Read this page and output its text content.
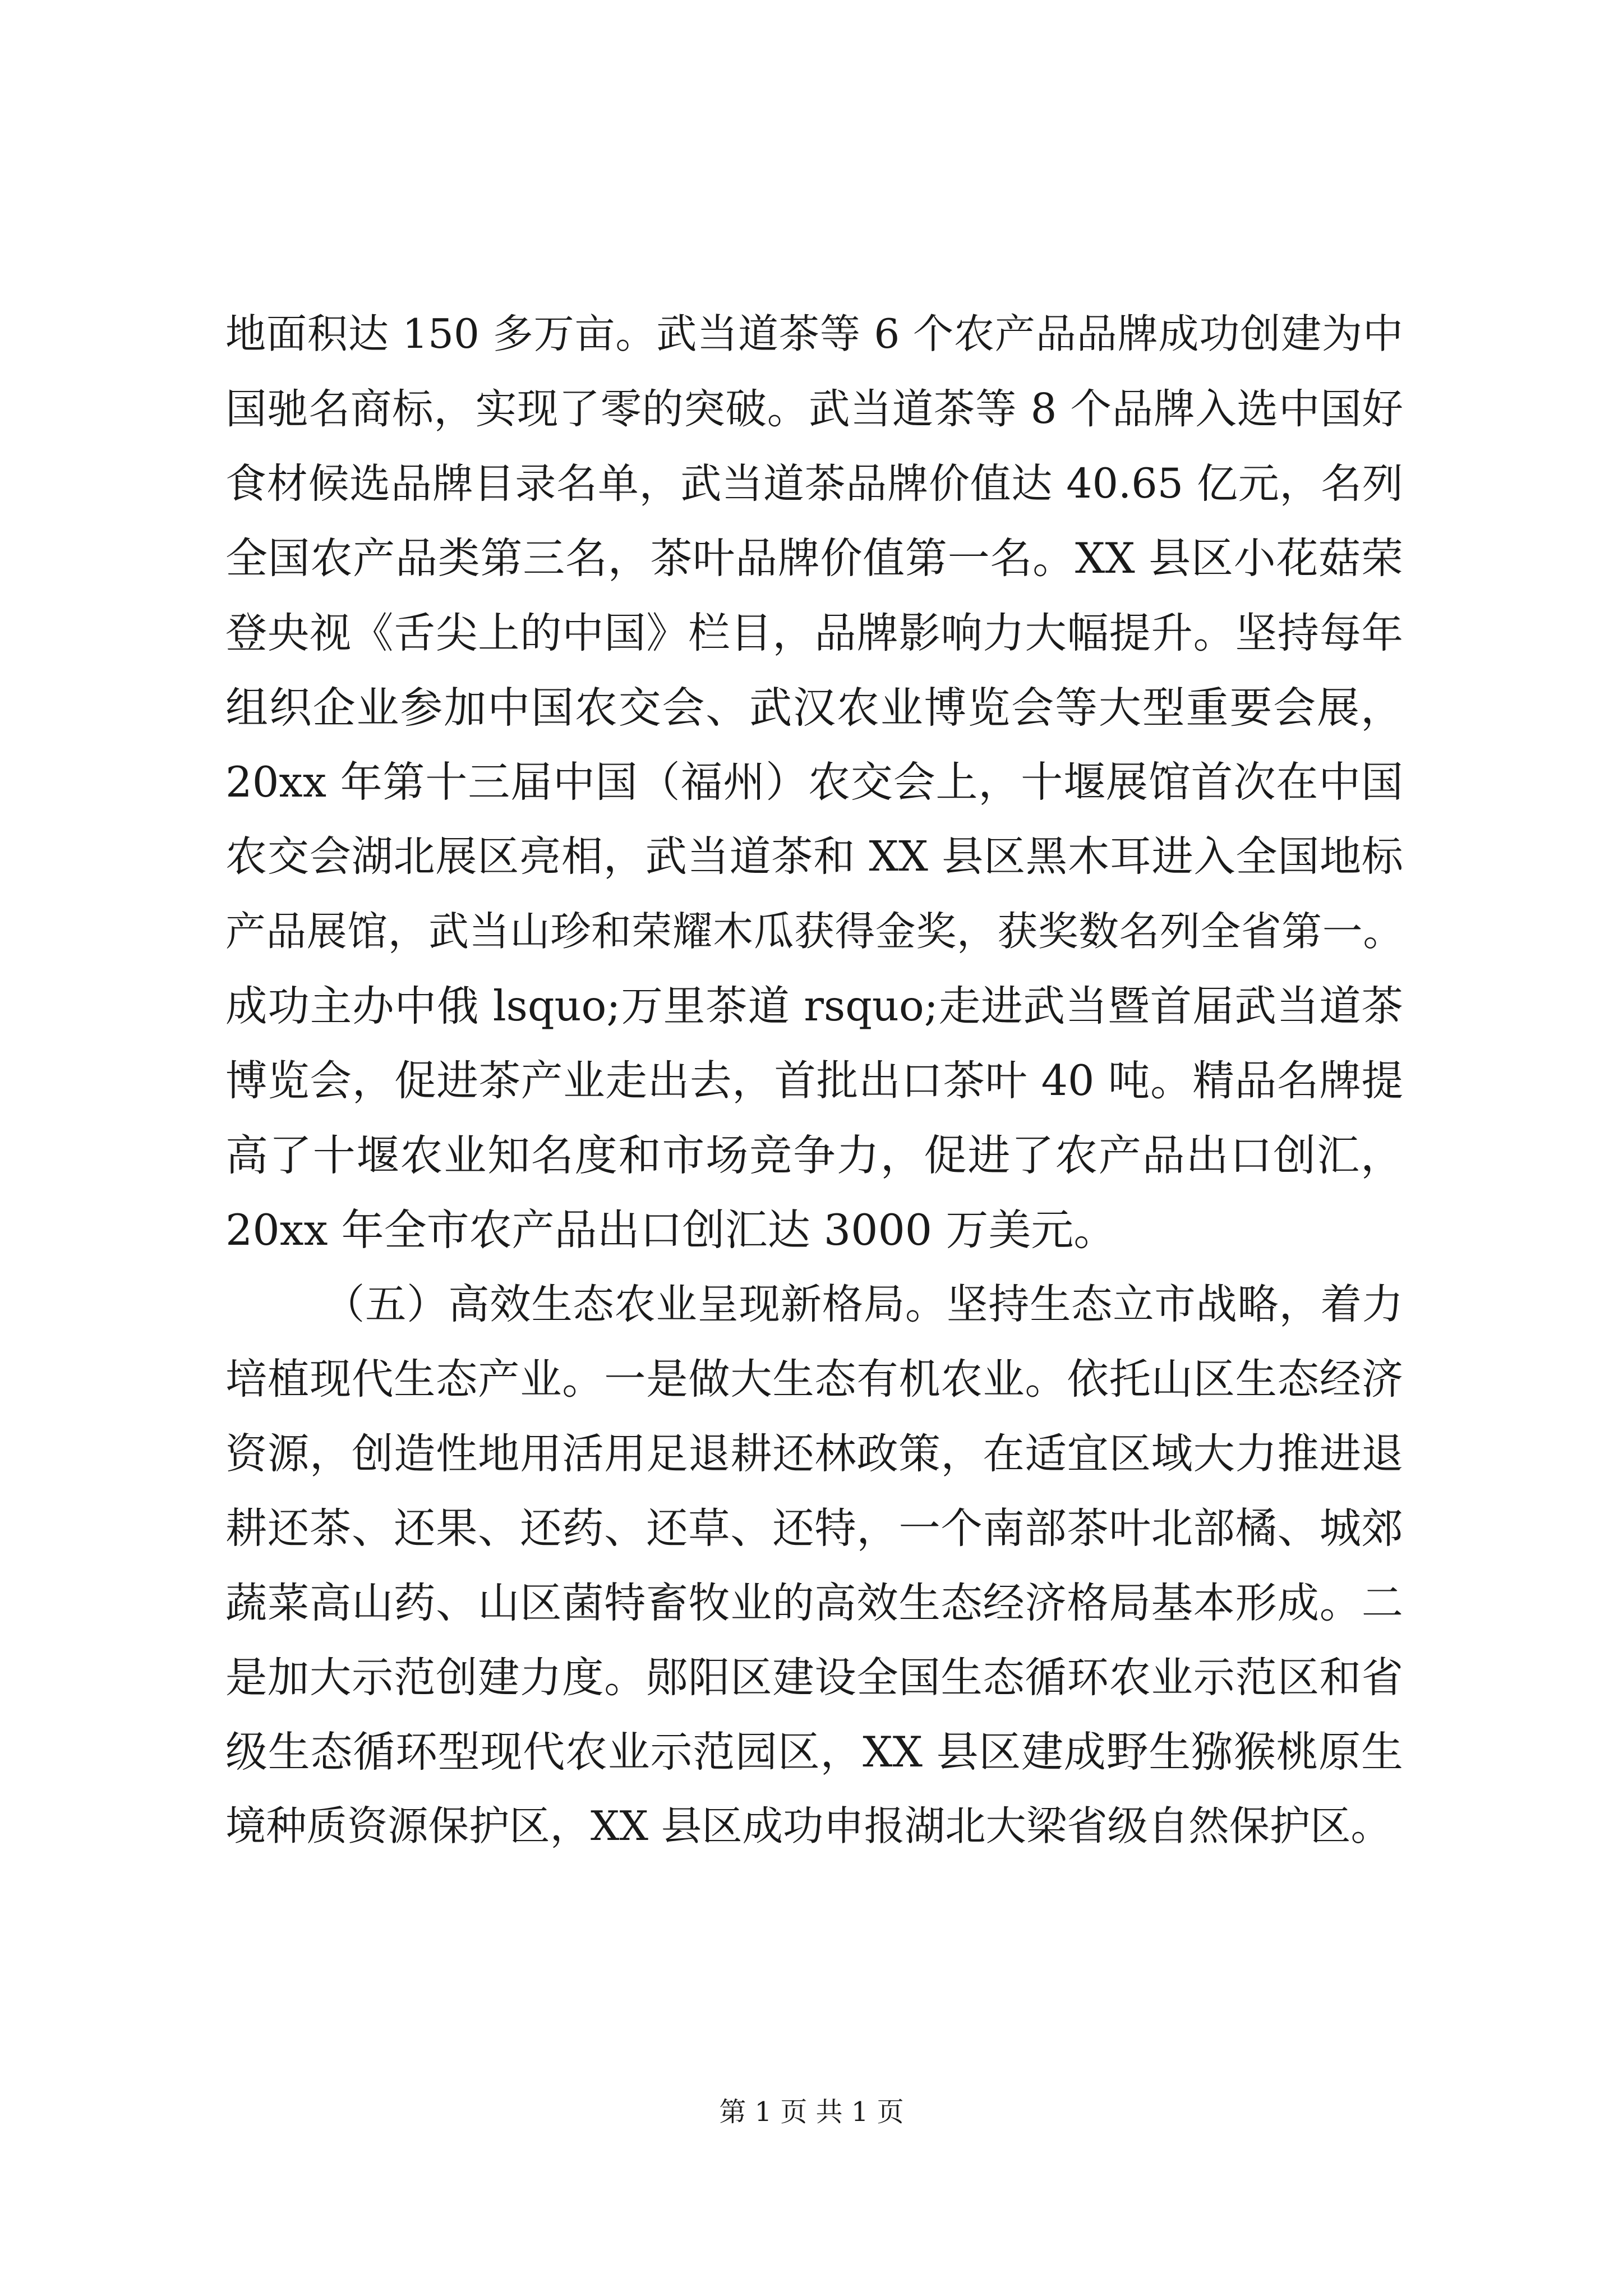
地面积达 150 多万亩。武当道茶等 6 个农产品品牌成功创建为中
国驰名商标，实现了零的突破。武当道茶等 8 个品牌入选中国好
食材候选品牌目录名单，武当道茶品牌价值达 40.65 亿元，名列
全国农产品类第三名，茶叶品牌价值第一名。XX 县区小花菇荣
登央视《舌尖上的中国》栏目，品牌影响力大幅提升。坚持每年
组织企业参加中国农交会、武汉农业博览会等大型重要会展，
20xx 年第十三届中国（福州）农交会上，十堰展馆首次在中国
农交会湖北展区亮相，武当道茶和 XX 县区黑木耳进入全国地标
产品展馆，武当山珍和荣耀木瓜获得金奖，获奖数名列全省第一。
成功主办中俄 lsquo;万里茶道 rsquo;走进武当暨首届武当道茶
博览会，促进茶产业走出去，首批出口茶叶 40 吨。精品名牌提
高了十堰农业知名度和市场竞争力，促进了农产品出口创汇，
20xx 年全市农产品出口创汇达 3000 万美元。
（五）高效生态农业呈现新格局。坚持生态立市战略，着力
培植现代生态产业。一是做大生态有机农业。依托山区生态经济
资源，创造性地用活用足退耕还林政策，在适宜区域大力推进退
耕还茶、还果、还药、还草、还特，一个南部茶叶北部橘、城郊
蔬菜高山药、山区菌特畜牧业的高效生态经济格局基本形成。二
是加大示范创建力度。郧阳区建设全国生态循环农业示范区和省
级生态循环型现代农业示范园区，XX 县区建成野生猕猴桃原生
境种质资源保护区，XX 县区成功申报湖北大梁省级自然保护区。
第 1 页 共 1 页
